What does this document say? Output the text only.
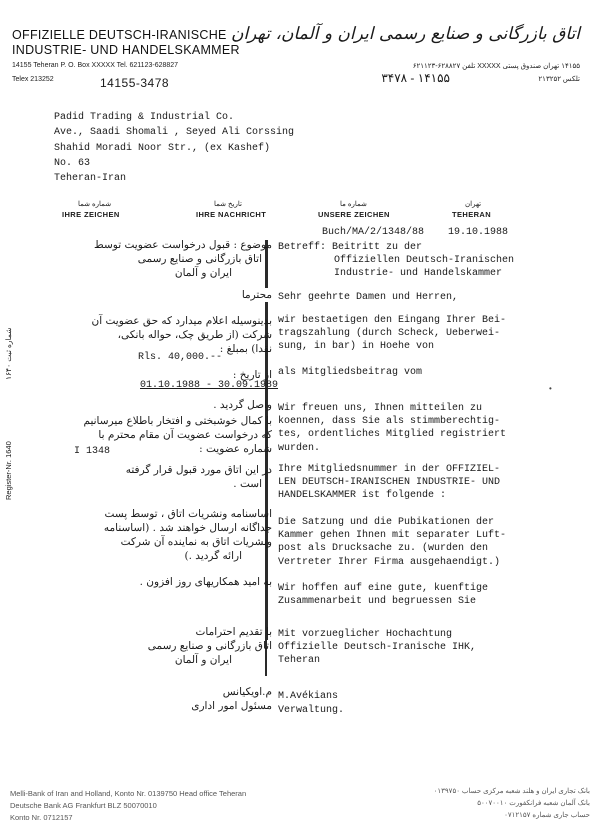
OFFIZIELLE DEUTSCH-IRANISCHE
INDUSTRIE- UND HANDELSKAMMER
14155 Teheran P. O. Box XXXXX Tel. 621123-628827
Telex 213252	14155-3478
اتاق بازرگانی و صنایع رسمی ایران و آلمان، تهران
۱۴۱۵۵ تهران صندوق پستی XXXXX تلفن ۶۲۸۸۲۷-۶۲۱۱۲۳
تلکس ۲۱۳۲۵۲
۱۴۱۵۵ - ۳۴۷۸
Padid Trading & Industrial Co.
Ave., Saadi Shomali , Seyed Ali Corssing
Shahid Moradi Noor Str., (ex Kashef)
No. 63
Teheran-Iran
شماره شما
IHRE ZEICHEN
تاریخ شما
IHRE NACHRICHT
شماره ما
UNSERE ZEICHEN
تهران
TEHERAN
Buch/MA/2/1348/88 19.10.1988
Betreff: Beitritt zu der
Offiziellen Deutsch-Iranischen
Industrie- und Handelskammer
Sehr geehrte Damen und Herren,
wir bestaetigen den Eingang Ihrer Bei-
tragszahlung (durch Scheck, Ueberwei-
sung, in bar) in Hoehe von
als Mitgliedsbeitrag vom
Wir freuen uns, Ihnen mitteilen zu
koennen, dass Sie als stimmberechtig-
tes, ordentliches Mitglied registriert
wurden.
Ihre Mitgliedsnummer in der OFFIZIEL-
LEN DEUTSCH-IRANISCHEN INDUSTRIE- UND
HANDELSKAMMER ist folgende :
Die Satzung und die Pubikationen der
Kammer gehen Ihnen mit separater Luft-
post als Drucksache zu. (wurden den
Vertreter Ihrer Firma ausgehaendigt.)
Wir hoffen auf eine gute, kuenftige
Zusammenarbeit und begruessen Sie
Mit vorzueglicher Hochachtung
Offizielle Deutsch-Iranische IHK,
Teheran
M.Avékians
Verwaltung.
موضوع : قبول درخواست عضویت توسط
اتاق بازرگانی و صنایع رسمی
ایران و آلمان
محترما
بدینوسیله اعلام میدارد که حق عضویت آن
شرکت (از طریق چک، حواله بانکی،
نقدا) بمبلغ :
Rls. 40,000.--
از تاریخ :
01.10.1988 - 30.09.1989
واصل گردید .
با کمال خوشبختی و افتخار باطلاع میرسانیم
که درخواست عضویت آن مقام محترم با
شماره عضویت :
I 1348
در این اتاق مورد قبول قرار گرفته
است .
اساسنامه ونشریات اتاق ، توسط پست
جداگانه ارسال خواهند شد . (اساسنامه
ونشریات اتاق به نماینده آن شرکت
ارائه گردید .)
به امید همکاریهای روز افزون .
با تقدیم احترامات
اتاق بازرگانی و صنایع رسمی
ایران و آلمان
م.اویکیانس
مسئول امور اداری
شماره ثبت ۱۶۴۰
Register-Nr. 1640
•
Melli-Bank of Iran and Holland, Konto Nr. 0139750 Head office Teheran
Deutsche Bank AG Frankfurt BLZ 50070010
Konto Nr. 0712157
بانک تجاری ایران و هلند شعبه مرکزی حساب ۰۱۳۹۷۵۰
بانک آلمان شعبه فرانکفورت ۵۰۰۷۰۰۱۰
حساب جاری شماره ۰۷۱۲۱۵۷
